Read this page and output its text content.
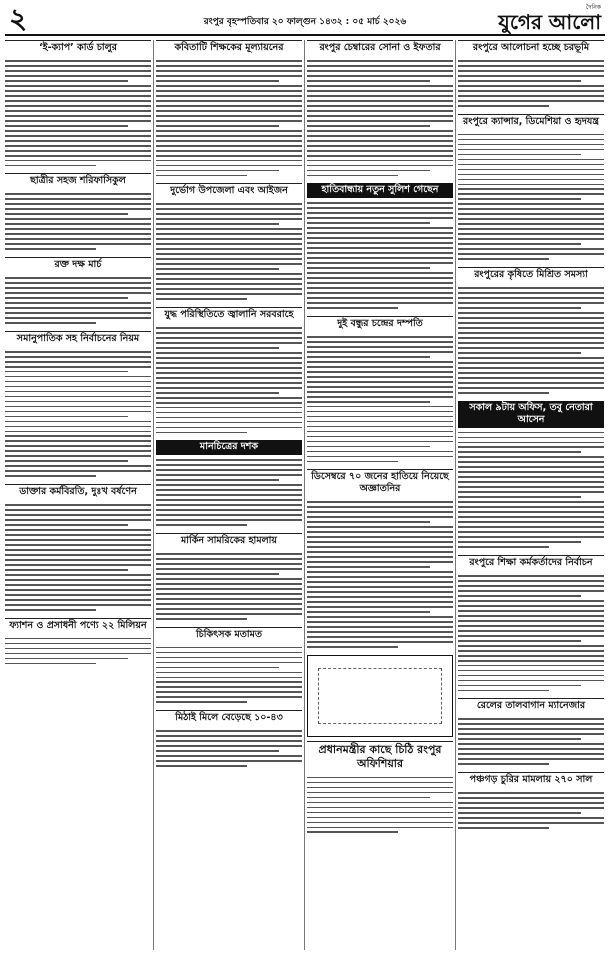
২	রংপুর বৃহস্পতিবার ২০ ফাল্গুন ১৪৩২ : ০৫ মার্চ ২০২৬
দৈনিক
যুগের আলো
‘ই-ক্যাপ’ কার্ড চালুর
ছাত্রীর সহজ শরিফাসিকুল
রক্ত দক্ষ মার্চ
সমানুপাতিক সহ নির্বাচনের নিয়ম
ডাক্তার কর্মবিরতি, দুঃখ বর্ষণেন
ফ্যাশন ও প্রসাধনী পণ্যে ২২ মিলিয়ন
কবিতাটি শিক্ষকের মূল্যায়নের
দুর্ভোগ উপজেলা এবং আইজন
যুদ্ধ পরিস্থিতিতে জ্বালানি সরবরাহে
মানচিত্রের দশক
মার্কিন সামরিকের হামলায়
চিকিৎসক মতামত
মিঠাই মিলে বেড়েছে ১০-৪৩
রংপুর চেম্বারের সোনা ও ইফতার
হাতিবান্ধায় নতুন সুলিশ গেছেন
দুই বন্ধুর চন্দ্রের দম্পতি
ডিসেম্বরে ৭০ জনের হাতিয়ে নিয়েছে অজ্ঞাতনির
প্রধানমন্ত্রীর কাছে চিঠি রংপুর অফিশিয়ার
রংপুরে আলোচনা হচ্ছে চরভূমি
রংপুরে ক্যান্সার, ডিমেশিয়া ও হৃদযন্ত্র
রংপুরের কৃষিতে মিশ্রিত সমস্যা
সকাল ৯টায় অফিস, তবু নেতারা আসেন
রংপুরে শিক্ষা কর্মকর্তাদের নির্বাচন
রেলের তালবাগান ম্যানেজার
পঞ্চগড় চুরির মামলায় ২৭০ সাল
